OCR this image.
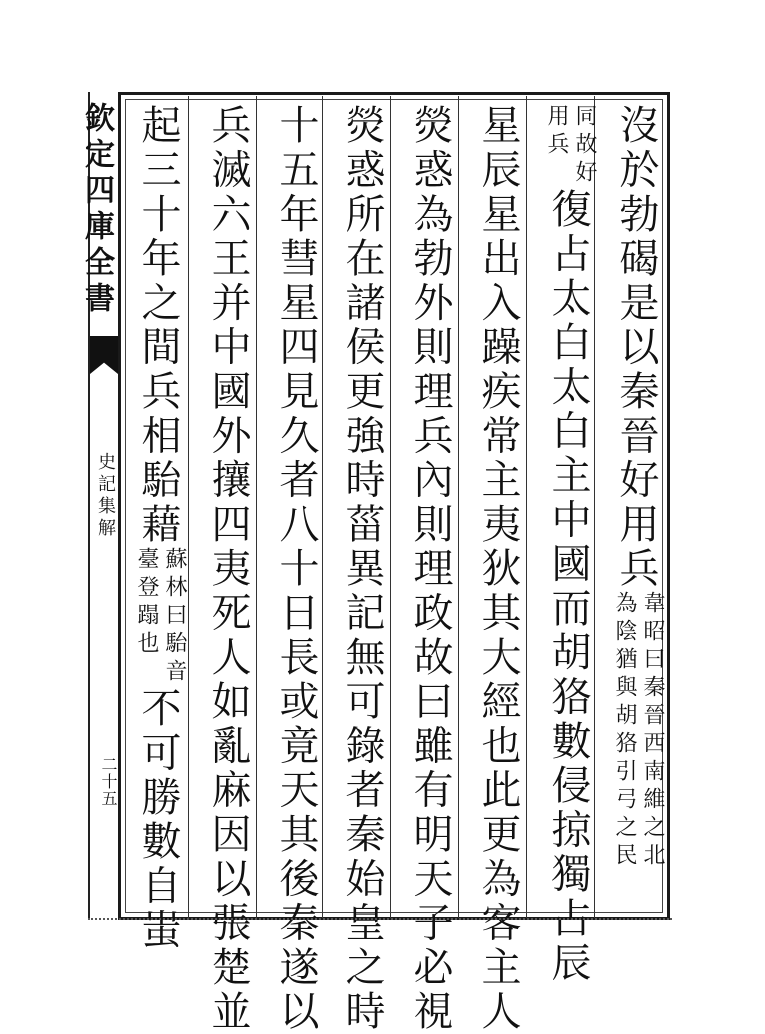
欽定四庫全書
史記集解
二十五
沒於勃碣是以秦晉好用兵
韋昭曰秦晉西南維之北
為陰猶與胡狢引弓之民
同故好
用兵
復占太白太白主中國而胡狢數侵掠獨占辰
星辰星出入躁疾常主夷狄其大經也此更為客主人
熒惑為勃外則理兵內則理政故曰雖有明天子必視
熒惑所在諸侯更強時菑異記無可錄者秦始皇之時
十五年彗星四見久者八十日長或竟天其後秦遂以
兵滅六王并中國外攘四夷死人如亂麻因以張楚並
起三十年之間兵相駘藉
蘇林曰駘音
臺登蹋也
不可勝數自蚩
